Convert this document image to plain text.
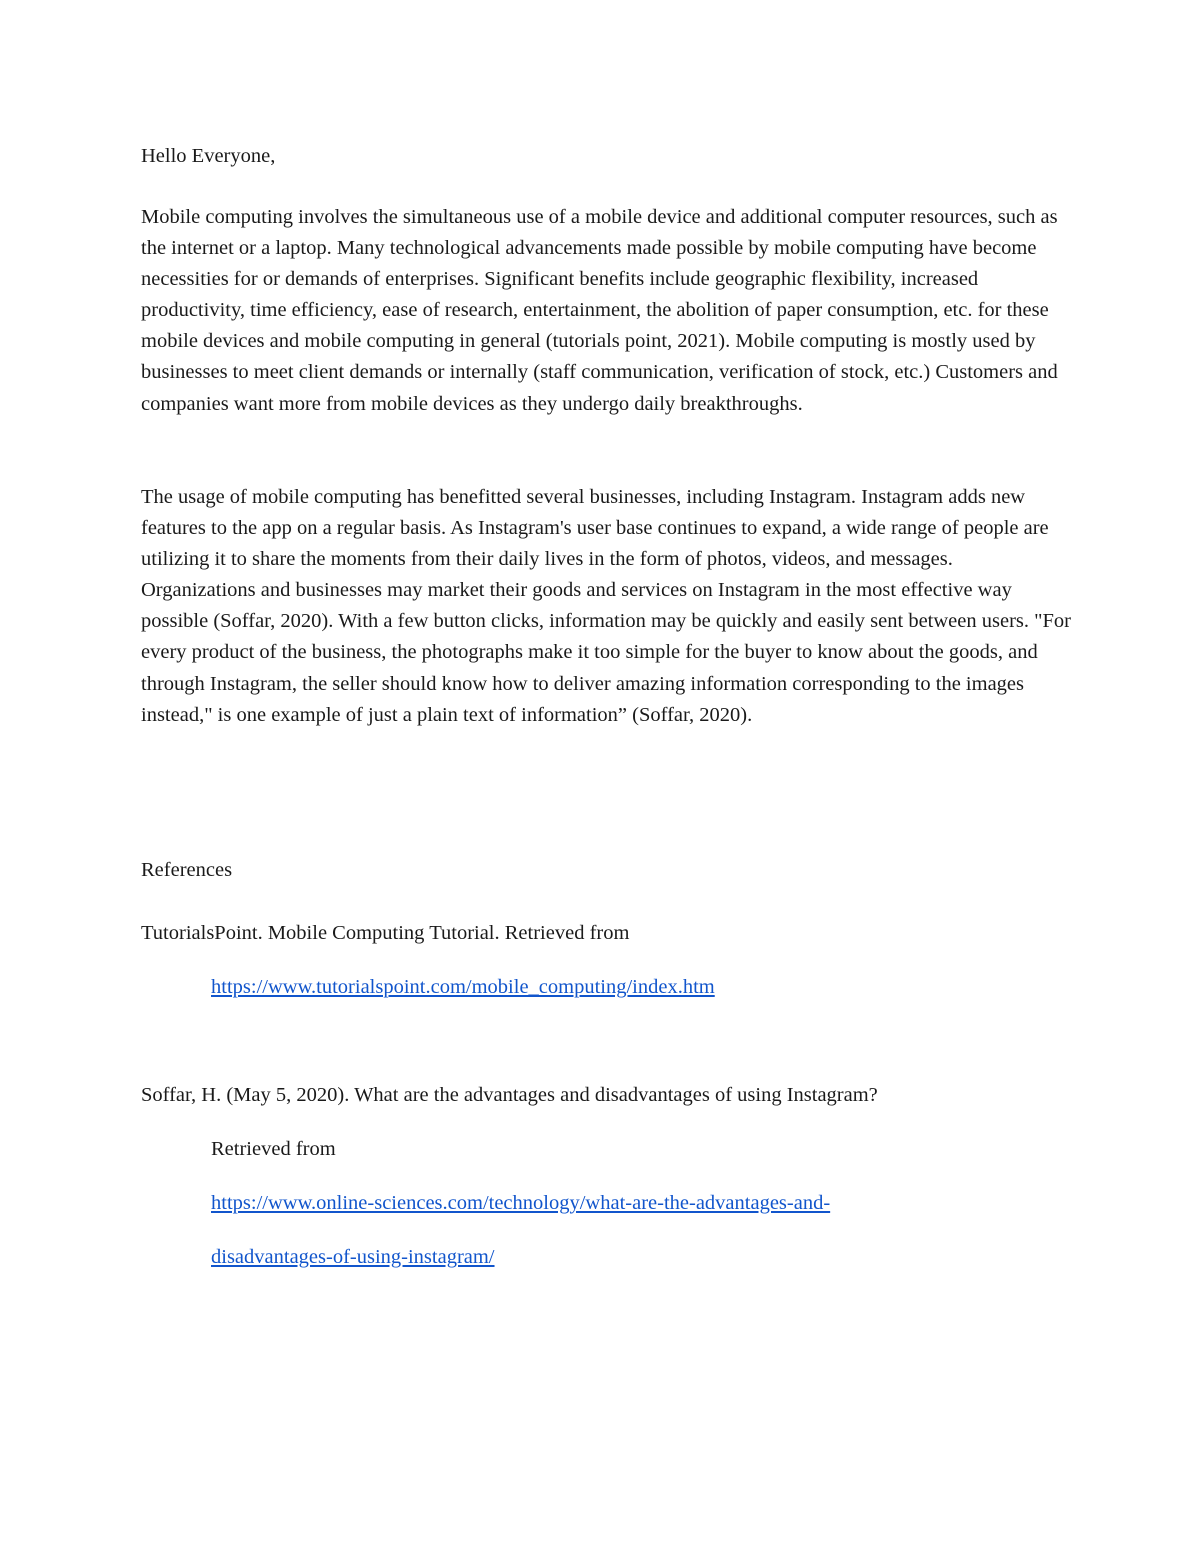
Hello Everyone,

Mobile computing involves the simultaneous use of a mobile device and additional computer resources, such as the internet or a laptop. Many technological advancements made possible by mobile computing have become necessities for or demands of enterprises. Significant benefits include geographic flexibility, increased productivity, time efficiency, ease of research, entertainment, the abolition of paper consumption, etc. for these mobile devices and mobile computing in general (tutorials point, 2021). Mobile computing is mostly used by businesses to meet client demands or internally (staff communication, verification of stock, etc.) Customers and companies want more from mobile devices as they undergo daily breakthroughs.

The usage of mobile computing has benefitted several businesses, including Instagram. Instagram adds new features to the app on a regular basis. As Instagram's user base continues to expand, a wide range of people are utilizing it to share the moments from their daily lives in the form of photos, videos, and messages. Organizations and businesses may market their goods and services on Instagram in the most effective way possible (Soffar, 2020). With a few button clicks, information may be quickly and easily sent between users. "For every product of the business, the photographs make it too simple for the buyer to know about the goods, and through Instagram, the seller should know how to deliver amazing information corresponding to the images instead," is one example of just a plain text of information” (Soffar, 2020).

References

TutorialsPoint. Mobile Computing Tutorial. Retrieved from

https://www.tutorialspoint.com/mobile_computing/index.htm

Soffar, H. (May 5, 2020). What are the advantages and disadvantages of using Instagram?

Retrieved from

https://www.online-sciences.com/technology/what-are-the-advantages-and-

disadvantages-of-using-instagram/
